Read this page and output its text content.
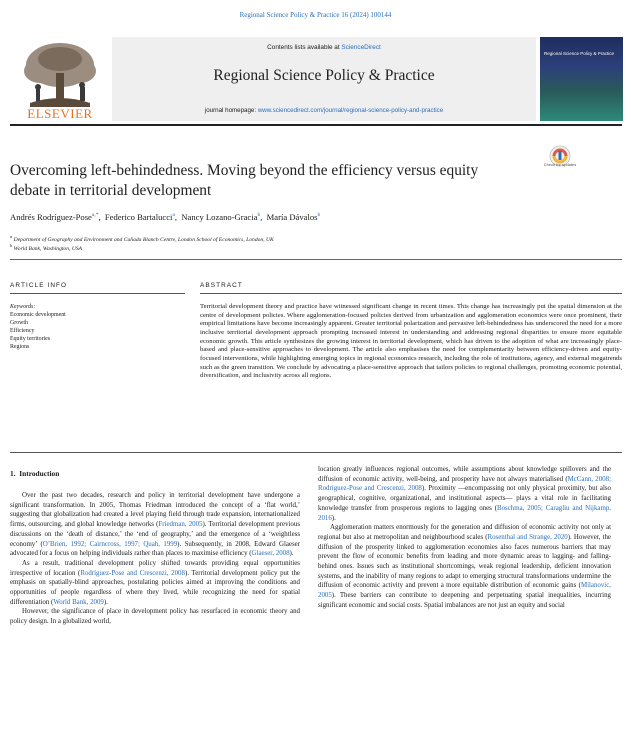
Regional Science Policy & Practice 16 (2024) 100144
ELSEVIER
Contents lists available at ScienceDirect
Regional Science Policy & Practice
journal homepage: www.sciencedirect.com/journal/regional-science-policy-and-practice
Regional Science Policy & Practice
Overcoming left-behindedness. Moving beyond the efficiency versus equity
debate in territorial development
Check for updates
Andrés Rodríguez-Pose$^{a,*}$,  Federico Bartalucci$^a$,  Nancy Lozano-Gracia$^b$,  María Dávalos$^b$
$^a$ Department of Geography and Environment and Cañada Blanch Centre, London School of Economics, London, UK
$^b$ World Bank, Washington, USA
ARTICLE INFO	ABSTRACT
Keywords:
Economic development
Growth
Efficiency
Equity territories
Regions
Territorial development theory and practice have witnessed significant change in recent times. This change has increasingly put the spatial dimension at the centre of development policies. Where agglomeration-focused policies derived from urbanization and agglomeration economics were once prominent, their empirical limitations have become increasingly apparent. Greater territorial polarization and pervasive left-behindedness has underscored the need for a more inclusive territorial development approach prompting increased interest in understanding and addressing regional disparities to ensure more equitable economic growth. This article synthesizes the growing interest in territorial development, which has driven to the adoption of what are increasingly place-based and place-sensitive approaches to development. The article also emphasises the need for complementarity between efficiency-driven and equity-focused interventions, while highlighting emerging topics in regional economics research, including the role of institutions, agency, and external megatrends such as the green transition. We conclude by advocating a place-sensitive approach that tailors policies to regional challenges, promoting economic potential, diversification, and inclusivity across all regions.
1. Introduction

Over the past two decades, research and policy in territorial development have undergone a significant transformation. In 2005, Thomas Friedman introduced the concept of a ‘flat world,’ suggesting that globalization had created a level playing field through trade expansion, internationalized firms, outsourcing, and global knowledge networks (Friedman, 2005). Territorial development previous discussions on the ‘death of distance,’ the ‘end of geography,’ and the emergence of a ‘weightless economy’ (O’Brien, 1992; Cairncross, 1997; Quah, 1999). Subsequently, in 2008, Edward Glaeser advocated for a focus on helping individuals rather than places to maximise efficiency (Glaeser, 2008).

As a result, traditional development policy shifted towards providing equal opportunities irrespective of location (Rodríguez-Pose and Crescenzi, 2008). Territorial development policy put the emphasis on spatially-blind approaches, postulating policies aimed at improving the conditions and opportunities of people regardless of where they lived, while recognizing the need for spatial differentiation (World Bank, 2009).

However, the significance of place in development policy has resurfaced in economic theory and policy design. In a globalized world,

location greatly influences regional outcomes, while assumptions about knowledge spillovers and the diffusion of economic activity, well-being, and prosperity have not always materialised (McCann, 2008; Rodríguez-Pose and Crescenzi, 2008). Proximity —encompassing not only physical proximity, but also geographical, cognitive, organizational, and institutional aspects— plays a vital role in facilitating knowledge transfer from prosperous regions to lagging ones (Boschma, 2005; Caragliu and Nijkamp, 2016).

Agglomeration matters enormously for the generation and diffusion of economic activity not only at regional but also at metropolitan and neighbourhood scales (Rosenthal and Strange, 2020). However, the diffusion of the prosperity linked to agglomeration economies also faces numerous barriers that may prevent the flow of economic benefits from leading and more dynamic areas to lagging- and falling-behind ones. Issues such as institutional shortcomings, weak regional leadership, deficient innovation systems, and the inability of many regions to adapt to emerging structural transformations undermine the diffusion of economic activity and prevent a more equitable distribution of economic gains (Milanovic, 2005). These barriers can contribute to deepening and perpetuating spatial inequalities, incurring significant economic and social costs. Spatial imbalances are not just an equity and social
